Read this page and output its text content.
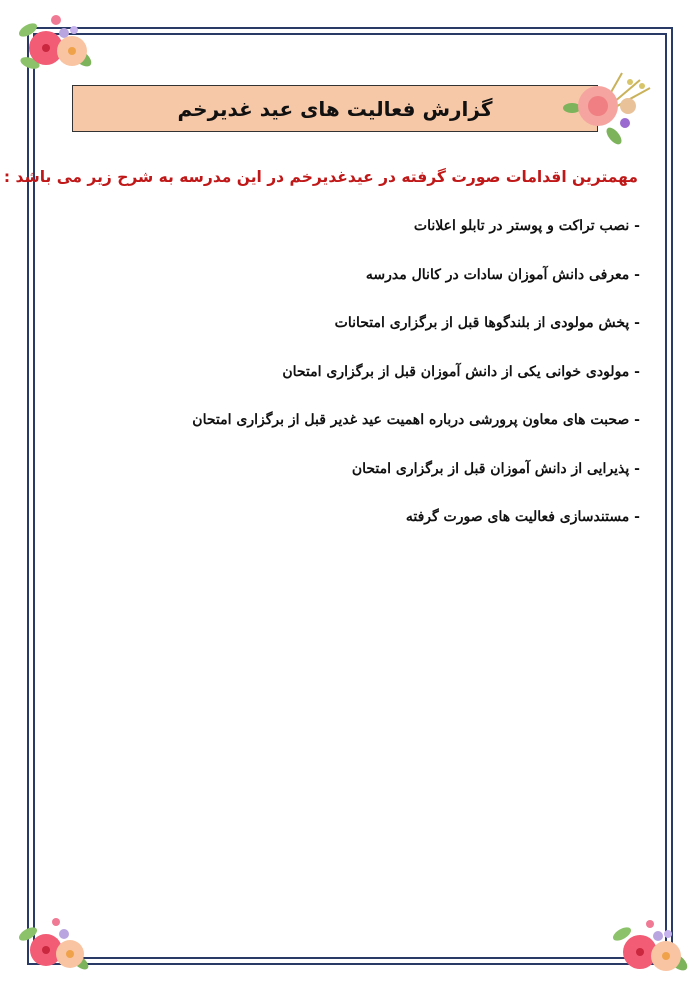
گزارش فعالیت های عید غدیرخم
مهمترین اقدامات صورت گرفته در عیدغدیرخم در این مدرسه به شرح زیر می باشد :
- نصب تراکت و پوستر در تابلو اعلانات
- معرفی دانش آموزان سادات در کانال مدرسه
- پخش مولودی از بلندگوها قبل از برگزاری امتحانات
- مولودی خوانی یکی از دانش آموزان قبل از برگزاری امتحان
- صحبت های معاون پرورشی درباره اهمیت عید غدیر قبل از برگزاری امتحان
- پذیرایی از دانش آموزان قبل از برگزاری امتحان
- مستندسازی فعالیت های صورت گرفته
